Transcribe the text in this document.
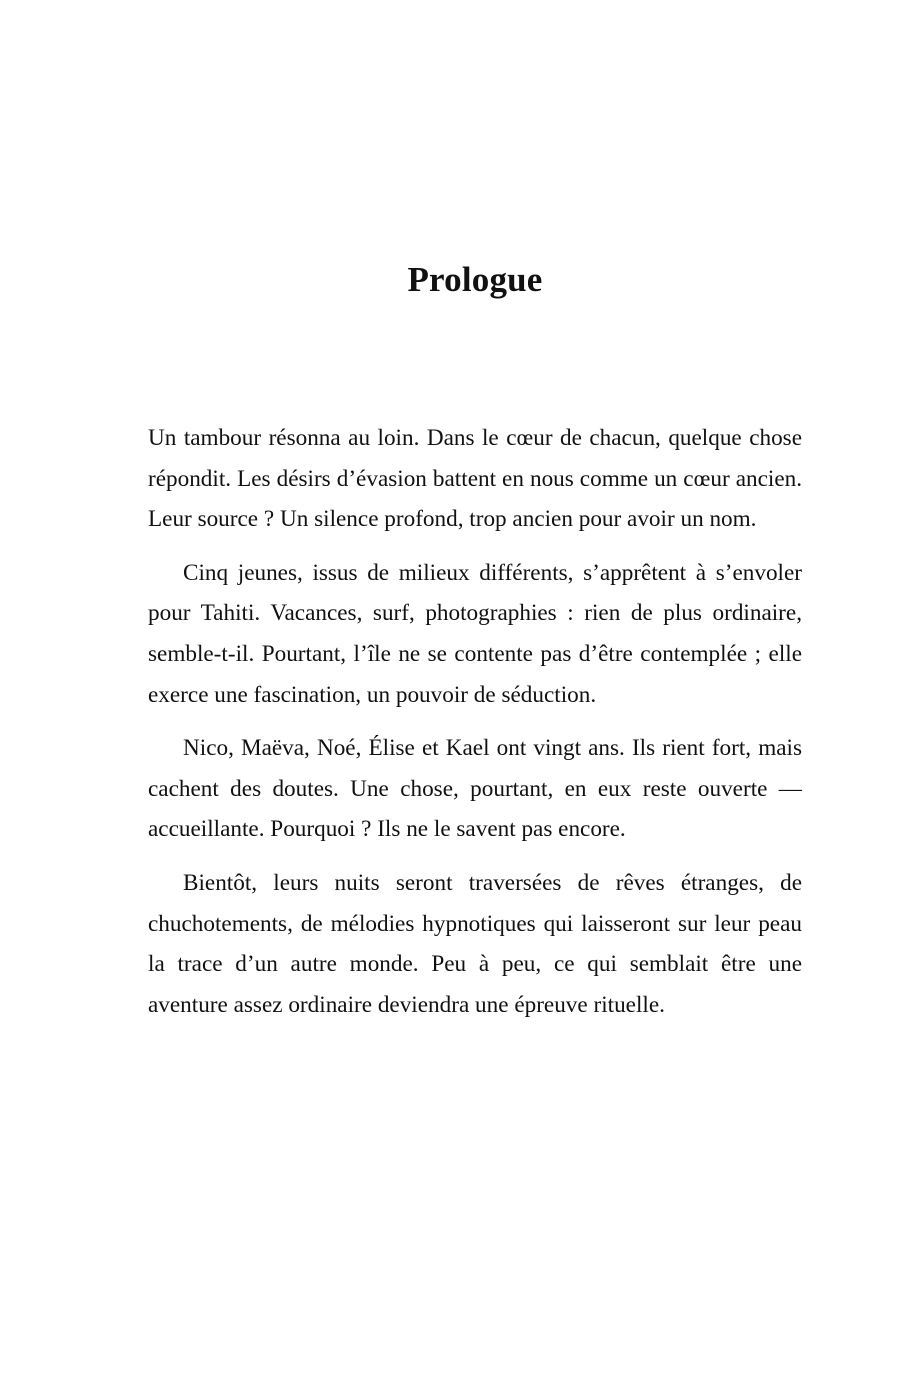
Prologue

Un tambour résonna au loin. Dans le cœur de chacun, quelque chose répondit. Les désirs d’évasion battent en nous comme un cœur ancien. Leur source ? Un silence profond, trop ancien pour avoir un nom.

Cinq jeunes, issus de milieux différents, s’apprêtent à s’envoler pour Tahiti. Vacances, surf, photographies : rien de plus ordinaire, semble-t-il. Pourtant, l’île ne se contente pas d’être contemplée ; elle exerce une fascination, un pouvoir de séduction.

Nico, Maëva, Noé, Élise et Kael ont vingt ans. Ils rient fort, mais cachent des doutes. Une chose, pourtant, en eux reste ouverte — accueillante. Pourquoi ? Ils ne le savent pas encore.

Bientôt, leurs nuits seront traversées de rêves étranges, de chuchotements, de mélodies hypnotiques qui laisseront sur leur peau la trace d’un autre monde. Peu à peu, ce qui semblait être une aventure assez ordinaire deviendra une épreuve rituelle.
